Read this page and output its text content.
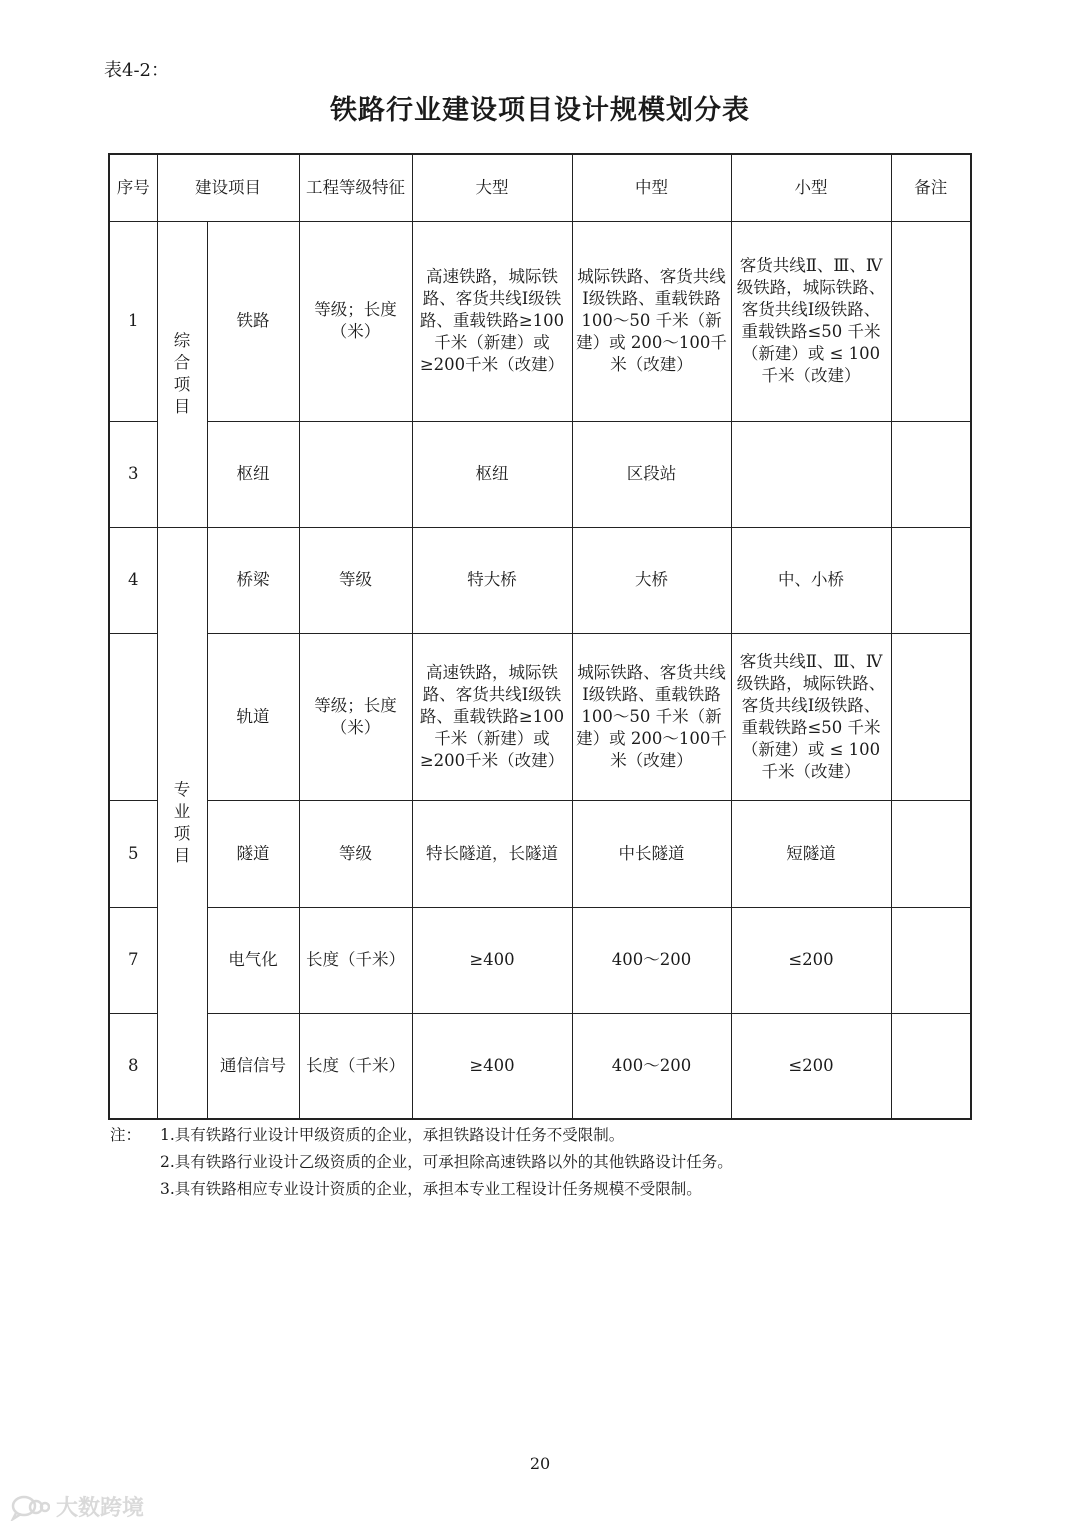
表4-2：
铁路行业建设项目设计规模划分表
序号	建设项目		工程等级特征	大型	中型	小型	备注
1	综合项目	铁路	等级；长度（米）	高速铁路，城际铁路、客货共线Ⅰ级铁路、重载铁路≥100千米（新建）或≥200千米（改建）	城际铁路、客货共线Ⅰ级铁路、重载铁路100～50 千米（新建）或 200～100千米（改建）	客货共线Ⅱ、Ⅲ、Ⅳ级铁路，城际铁路、客货共线Ⅰ级铁路、重载铁路≤50 千米（新建）或 ≤ 100千米（改建）	
3		枢纽		枢纽	区段站		
4	专业项目	桥梁	等级	特大桥	大桥	中、小桥	
		轨道	等级；长度（米）	高速铁路，城际铁路、客货共线Ⅰ级铁路、重载铁路≥100千米（新建）或≥200千米（改建）	城际铁路、客货共线Ⅰ级铁路、重载铁路100～50 千米（新建）或 200～100千米（改建）	客货共线Ⅱ、Ⅲ、Ⅳ级铁路，城际铁路、客货共线Ⅰ级铁路、重载铁路≤50 千米（新建）或 ≤ 100千米（改建）	
5		隧道	等级	特长隧道，长隧道	中长隧道	短隧道	
7		电气化	长度（千米）	≥400	400～200	≤200	
8		通信信号	长度（千米）	≥400	400～200	≤200	
注：	1.具有铁路行业设计甲级资质的企业，承担铁路设计任务不受限制。
2.具有铁路行业设计乙级资质的企业，可承担除高速铁路以外的其他铁路设计任务。
3.具有铁路相应专业设计资质的企业，承担本专业工程设计任务规模不受限制。
20
大数跨境
